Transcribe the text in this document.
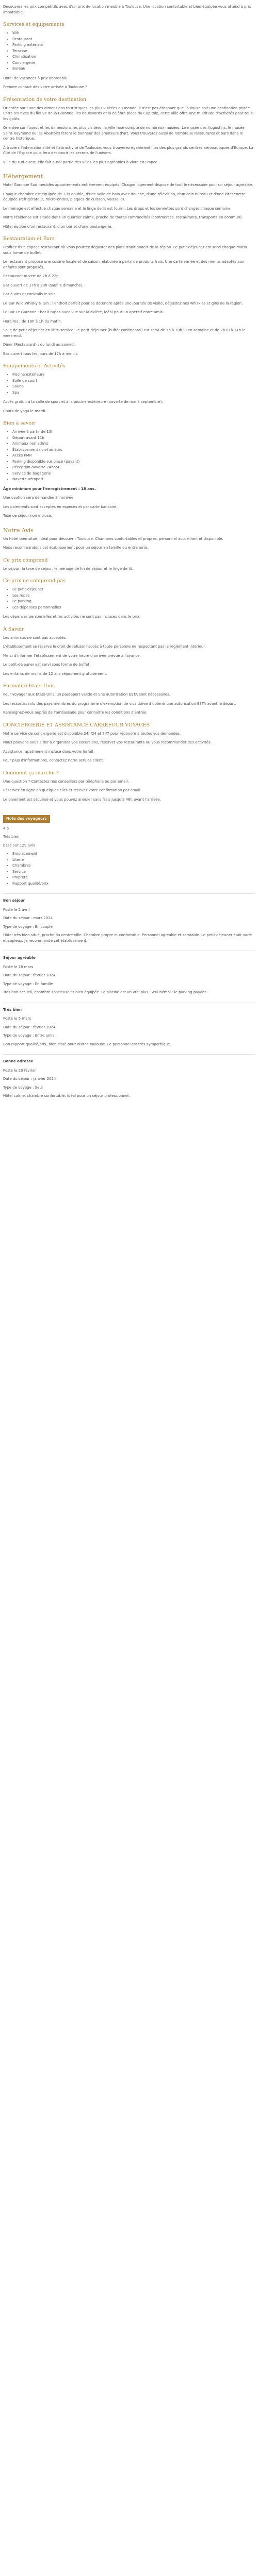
Découvrez les prix compétitifs avec d'un prix de location meublé à Toulouse. Une location confortable et bien équipée vous attend à prix imbattable.

Services et équipements
• Wifi
• Restaurant
• Parking extérieur
• Terrasse
• Climatisation
• Conciergerie
• Bureau

Hôtel de vacances à prix abordable

Prendre contact dès votre arrivée à Toulouse ?

Présentation de votre destination

Orientée sur l'une des dimensions touristiques les plus visitées au monde, il n'est pas étonnant que Toulouse soit une destination prisée. Entre les rives du fleuve de la Garonne, les boulevards et la célèbre place du Capitole, cette ville offre une multitude d'activités pour tous les goûts.

Orientée sur l'ouest et les dimensions les plus visitées, la ville rose compte de nombreux musées. Le musée des Augustins, le musée Saint-Raymond ou les Abattoirs feront le bonheur des amateurs d'art. Vous trouverez aussi de nombreux restaurants et bars dans le centre historique.

À travers l'internationalité et l'attractivité de Toulouse, vous trouverez également l'un des plus grands centres aéronautiques d'Europe. La Cité de l'Espace vous fera découvrir les secrets de l'univers.

Ville du sud-ouest, elle fait aussi partie des villes les plus agréables à vivre en France.

Hébergement

Hotel Garonne Sud meublés appartements entièrement équipés. Chaque logement dispose de tout le nécessaire pour un séjour agréable.

Chaque chambre est équipée de 1 lit double, d'une salle de bain avec douche, d'une télévision, d'un coin bureau et d'une kitchenette équipée (réfrigérateur, micro-ondes, plaques de cuisson, vaisselle).

Le ménage est effectué chaque semaine et le linge de lit est fourni. Les draps et les serviettes sont changés chaque semaine.

Notre résidence est située dans un quartier calme, proche de toutes commodités (commerces, restaurants, transports en commun).

Hôtel équipé d'un restaurant, d'un bar et d'une boulangerie.

Restauration et Bars

Profitez d'un espace restaurant où vous pourrez déguster des plats traditionnels de la région. Le petit-déjeuner est servi chaque matin sous forme de buffet.

Le restaurant propose une cuisine locale et de saison, élaborée à partir de produits frais. Une carte variée et des menus adaptés aux enfants sont proposés.

Restaurant ouvert de 7h à 22h.

Bar ouvert de 17h à 23h (sauf le dimanche).

Bar à vins et cocktails le soir.

Le Bar Wild Whisky & Gin : l'endroit parfait pour se détendre après une journée de visite, dégustez nos whiskies et gins de la région.

Le Bar Le Garonne : bar à tapas avec vue sur la rivière, idéal pour un apéritif entre amis.

Horaires : de 18h à 1h du matin.

Salle de petit-déjeuner en libre-service. Le petit-déjeuner (buffet continental) est servi de 7h à 10h30 en semaine et de 7h30 à 11h le week-end.

Dîner (Restaurant) : du lundi au samedi.

Bar ouvert tous les jours de 17h à minuit.

Equipements et Activités
• Piscine extérieure
• Salle de sport
• Sauna
• Spa

Accès gratuit à la salle de sport et à la piscine extérieure (ouverte de mai à septembre).

Cours de yoga le mardi.

Bien à savoir
• Arrivée à partir de 15h
• Départ avant 11h
• Animaux non admis
• Établissement non-fumeurs
• Accès PMR
• Parking disponible sur place (payant)
• Réception ouverte 24h/24
• Service de bagagerie
• Navette aéroport

Âge minimum pour l'enregistrement : 18 ans.

Une caution sera demandée à l'arrivée.

Les paiements sont acceptés en espèces et par carte bancaire.

Taxe de séjour non incluse.

Notre Avis

Un hôtel bien situé, idéal pour découvrir Toulouse. Chambres confortables et propres, personnel accueillant et disponible.

Nous recommandons cet établissement pour un séjour en famille ou entre amis.

Ce prix comprend

Le séjour, la taxe de séjour, le ménage de fin de séjour et le linge de lit.

Ce prix ne comprend pas
• Le petit-déjeuner
• Les repas
• Le parking
• Les dépenses personnelles

Les dépenses personnelles et les activités ne sont pas incluses dans le prix.

À Savoir

Les animaux ne sont pas acceptés.

L'établissement se réserve le droit de refuser l'accès à toute personne ne respectant pas le règlement intérieur.

Merci d'informer l'établissement de votre heure d'arrivée prévue à l'avance.

Le petit-déjeuner est servi sous forme de buffet.

Les enfants de moins de 12 ans séjournent gratuitement.

Formalité Etats-Unis

Pour voyager aux États-Unis, un passeport valide et une autorisation ESTA sont nécessaires.

Les ressortissants des pays membres du programme d'exemption de visa doivent obtenir une autorisation ESTA avant le départ.

Renseignez-vous auprès de l'ambassade pour connaître les conditions d'entrée.

CONCIERGERIE ET ASSISTANCE CARREFOUR VOYAGES

Notre service de conciergerie est disponible 24h/24 et 7j/7 pour répondre à toutes vos demandes.

Nous pouvons vous aider à organiser vos excursions, réserver vos restaurants ou vous recommander des activités.

Assistance rapatriement incluse dans votre forfait.

Pour plus d'informations, contactez notre service client.

Comment ça marche ?

Une question ? Contactez nos conseillers par téléphone ou par email.

Réservez en ligne en quelques clics et recevez votre confirmation par email.

Le paiement est sécurisé et vous pouvez annuler sans frais jusqu'à 48h avant l'arrivée.

Note des voyageurs

4,6

Très bien

basé sur 129 avis

• Emplacement
• Literie
• Chambres
• Service
• Propreté
• Rapport qualité/prix

Bon séjour

Posté le 2 avril

Date du séjour : mars 2024

Type de voyage : En couple

Hôtel très bien situé, proche du centre-ville. Chambre propre et confortable. Personnel agréable et serviable. Le petit-déjeuner était varié et copieux. Je recommande cet établissement.

Séjour agréable

Posté le 18 mars

Date du séjour : février 2024

Type de voyage : En famille

Très bon accueil, chambre spacieuse et bien équipée. La piscine est un vrai plus. Seul bémol : le parking payant.

Très bien

Posté le 5 mars

Date du séjour : février 2024

Type de voyage : Entre amis

Bon rapport qualité/prix, bien situé pour visiter Toulouse. Le personnel est très sympathique.

Bonne adresse

Posté le 20 février

Date du séjour : janvier 2024

Type de voyage : Seul

Hôtel calme, chambre confortable. Idéal pour un séjour professionnel.
